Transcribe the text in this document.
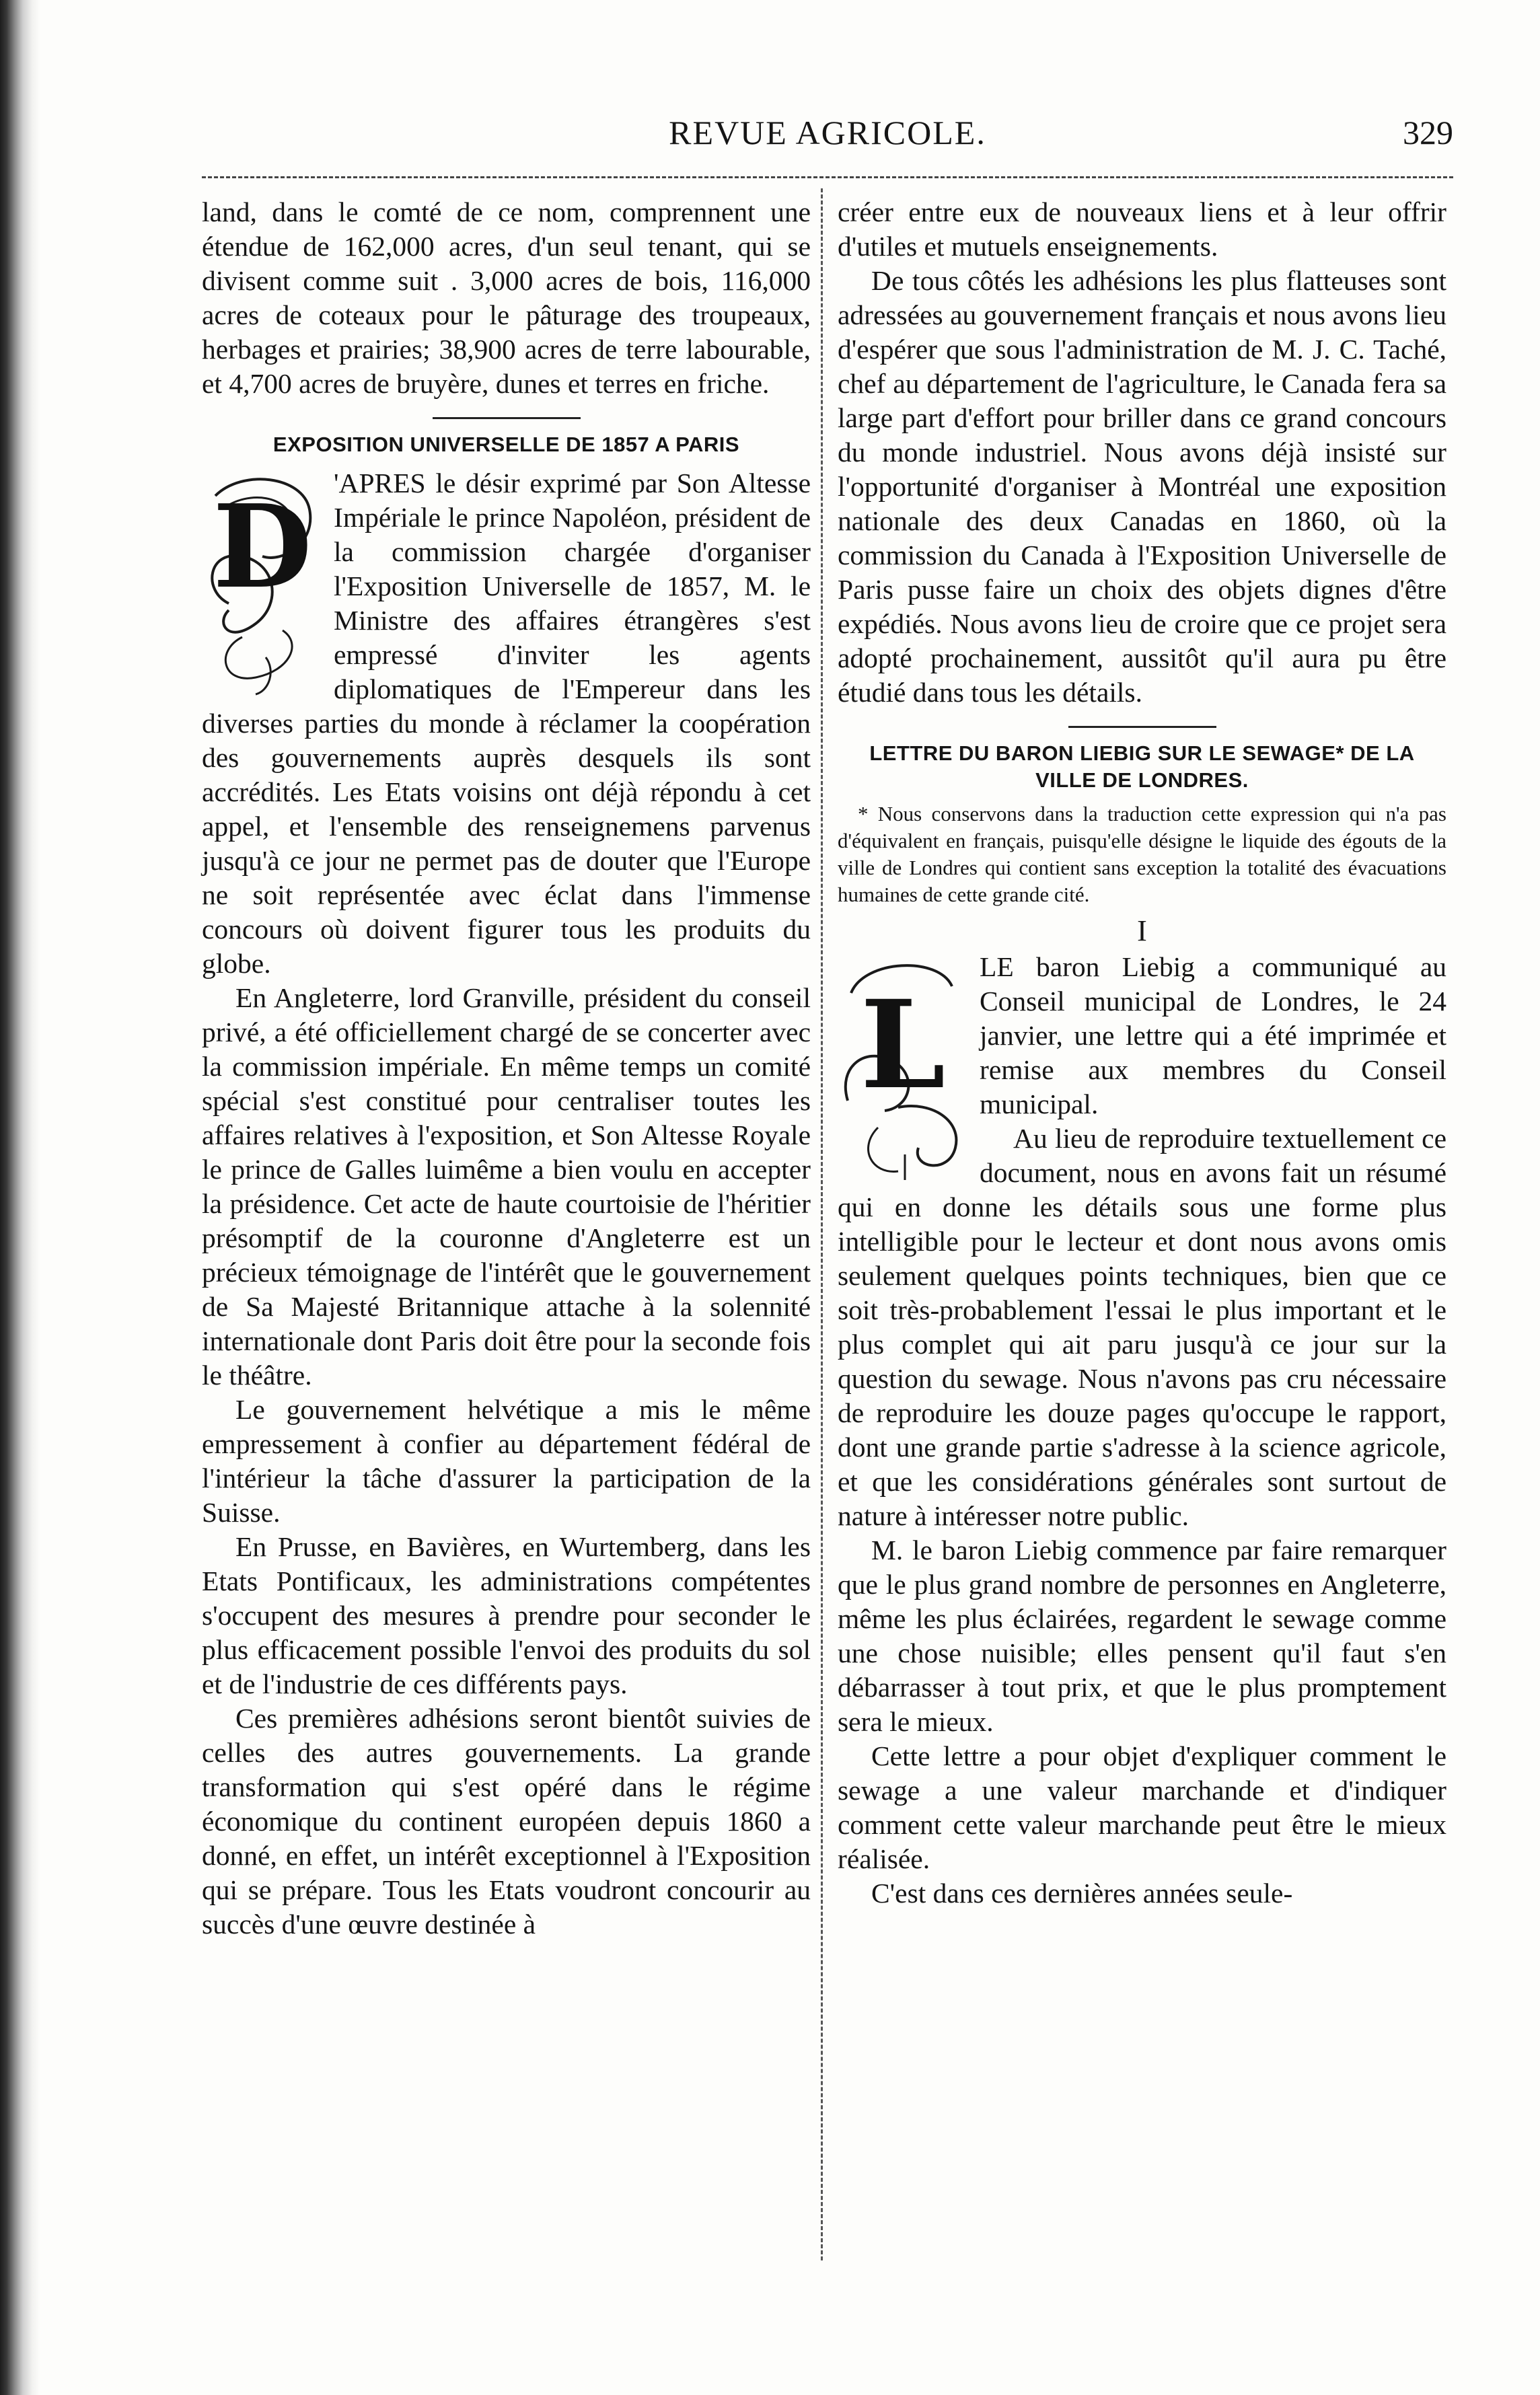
REVUE AGRICOLE.	329

land, dans le comté de ce nom, comprennent une étendue de 162,000 acres, d'un seul tenant, qui se divisent comme suit . 3,000 acres de bois, 116,000 acres de coteaux pour le pâturage des troupeaux, herbages et prairies; 38,900 acres de terre labourable, et 4,700 acres de bruyère, dunes et terres en friche.

EXPOSITION UNIVERSELLE DE 1857 A PARIS
D 'APRES le désir exprimé par Son Altesse Impériale le prince Napoléon, président de la commission chargée d'organiser l'Exposition Universelle de 1857, M. le Ministre des affaires étrangères s'est empressé d'inviter les agents diplomatiques de l'Empereur dans les diverses parties du monde à réclamer la coopération des gouvernements auprès desquels ils sont accrédités. Les Etats voisins ont déjà répondu à cet appel, et l'ensemble des renseignemens parvenus jusqu'à ce jour ne permet pas de douter que l'Europe ne soit représentée avec éclat dans l'immense concours où doivent figurer tous les produits du globe.

En Angleterre, lord Granville, président du conseil privé, a été officiellement chargé de se concerter avec la commission impériale. En même temps un comité spécial s'est constitué pour centraliser toutes les affaires relatives à l'exposition, et Son Altesse Royale le prince de Galles luimême a bien voulu en accepter la présidence. Cet acte de haute courtoisie de l'héritier présomptif de la couronne d'Angleterre est un précieux témoignage de l'intérêt que le gouvernement de Sa Majesté Britannique attache à la solennité internationale dont Paris doit être pour la seconde fois le théâtre.

Le gouvernement helvétique a mis le même empressement à confier au département fédéral de l'intérieur la tâche d'assurer la participation de la Suisse.

En Prusse, en Bavières, en Wurtemberg, dans les Etats Pontificaux, les administrations compétentes s'occupent des mesures à prendre pour seconder le plus efficacement possible l'envoi des produits du sol et de l'industrie de ces différents pays.

Ces premières adhésions seront bientôt suivies de celles des autres gouvernements. La grande transformation qui s'est opéré dans le régime économique du continent européen depuis 1860 a donné, en effet, un intérêt exceptionnel à l'Exposition qui se prépare. Tous les Etats voudront concourir au succès d'une œuvre destinée à

créer entre eux de nouveaux liens et à leur offrir d'utiles et mutuels enseignements.

De tous côtés les adhésions les plus flatteuses sont adressées au gouvernement français et nous avons lieu d'espérer que sous l'administration de M. J. C. Taché, chef au département de l'agriculture, le Canada fera sa large part d'effort pour briller dans ce grand concours du monde industriel. Nous avons déjà insisté sur l'opportunité d'organiser à Montréal une exposition nationale des deux Canadas en 1860, où la commission du Canada à l'Exposition Universelle de Paris pusse faire un choix des objets dignes d'être expédiés. Nous avons lieu de croire que ce projet sera adopté prochainement, aussitôt qu'il aura pu être étudié dans tous les détails.

LETTRE DU BARON LIEBIG SUR LE SEWAGE* DE LA VILLE DE LONDRES.
* Nous conservons dans la traduction cette expression qui n'a pas d'équivalent en français, puisqu'elle désigne le liquide des égouts de la ville de Londres qui contient sans exception la totalité des évacuations humaines de cette grande cité.
I
L

LE baron Liebig a communiqué au Conseil municipal de Londres, le 24 janvier, une lettre qui a été imprimée et remise aux membres du Conseil municipal.

Au lieu de reproduire textuellement ce document, nous en avons fait un résumé qui en donne les détails sous une forme plus intelligible pour le lecteur et dont nous avons omis seulement quelques points techniques, bien que ce soit très-probablement l'essai le plus important et le plus complet qui ait paru jusqu'à ce jour sur la question du sewage. Nous n'avons pas cru nécessaire de reproduire les douze pages qu'occupe le rapport, dont une grande partie s'adresse à la science agricole, et que les considérations générales sont surtout de nature à intéresser notre public.

M. le baron Liebig commence par faire remarquer que le plus grand nombre de personnes en Angleterre, même les plus éclairées, regardent le sewage comme une chose nuisible; elles pensent qu'il faut s'en débarrasser à tout prix, et que le plus promptement sera le mieux.

Cette lettre a pour objet d'expliquer comment le sewage a une valeur marchande et d'indiquer comment cette valeur marchande peut être le mieux réalisée.

C'est dans ces dernières années seule-
